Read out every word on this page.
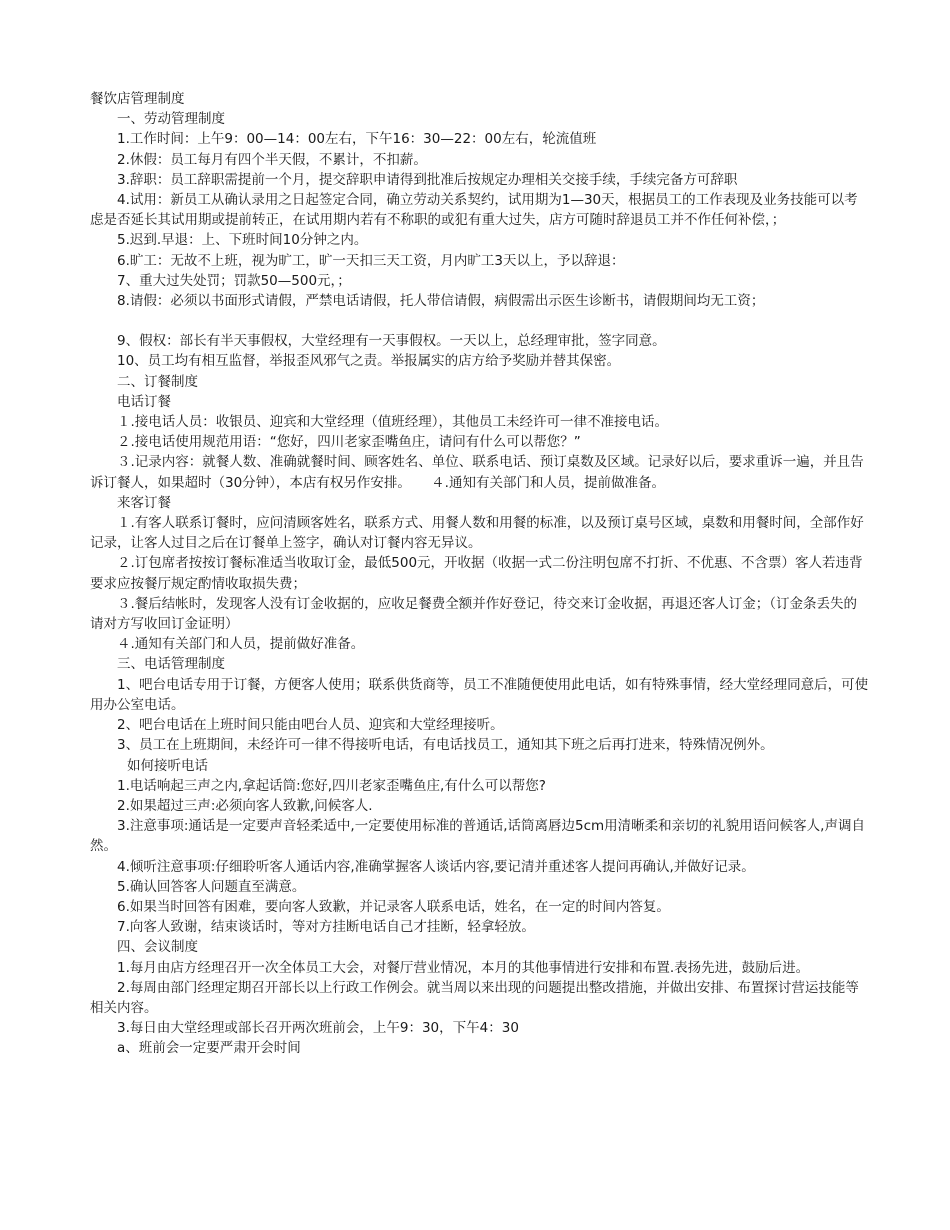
餐饮店管理制度

一、劳动管理制度

1.工作时间：上午9：00—14：00左右，下午16：30—22：00左右，轮流值班

2.休假：员工每月有四个半天假，不累计，不扣薪。

3.辞职：员工辞职需提前一个月，提交辞职申请得到批准后按规定办理相关交接手续，手续完备方可辞职

4.试用：新员工从确认录用之日起签定合同，确立劳动关系契约，试用期为1—30天，根据员工的工作表现及业务技能可以考虑是否延长其试用期或提前转正，在试用期内若有不称职的或犯有重大过失，店方可随时辞退员工并不作任何补偿，；

5.迟到.早退：上、下班时间10分钟之内。

6.旷工：无故不上班，视为旷工，旷一天扣三天工资，月内旷工3天以上，予以辞退：

7、重大过失处罚；罚款50—500元，；

8.请假：必须以书面形式请假，严禁电话请假，托人带信请假，病假需出示医生诊断书，请假期间均无工资；

9、假权：部长有半天事假权，大堂经理有一天事假权。一天以上，总经理审批，签字同意。

10、员工均有相互监督，举报歪风邪气之责。举报属实的店方给予奖励并替其保密。

二、订餐制度

电话订餐

１.接电话人员：收银员、迎宾和大堂经理（值班经理），其他员工未经许可一律不准接电话。

２.接电话使用规范用语：“您好，四川老家歪嘴鱼庄，请问有什么可以帮您？”

３.记录内容：就餐人数、准确就餐时间、顾客姓名、单位、联系电话、预订桌数及区域。记录好以后，要求重诉一遍，并且告诉订餐人，如果超时（30分钟），本店有权另作安排。　　４.通知有关部门和人员，提前做准备。

来客订餐

１.有客人联系订餐时，应问清顾客姓名，联系方式、用餐人数和用餐的标准，以及预订桌号区域，桌数和用餐时间，全部作好记录，让客人过目之后在订餐单上签字，确认对订餐内容无异议。

２.订包席者按按订餐标准适当收取订金，最低500元，开收据（收据一式二份注明包席不打折、不优惠、不含票）客人若违背要求应按餐厅规定酌情收取损失费；

３.餐后结帐时，发现客人没有订金收据的，应收足餐费全额并作好登记，待交来订金收据，再退还客人订金；（订金条丢失的请对方写收回订金证明）

４.通知有关部门和人员，提前做好准备。

三、电话管理制度

1、吧台电话专用于订餐，方便客人使用；联系供货商等，员工不准随便使用此电话，如有特殊事情，经大堂经理同意后，可使用办公室电话。

2、吧台电话在上班时间只能由吧台人员、迎宾和大堂经理接听。

3、员工在上班期间，未经许可一律不得接听电话，有电话找员工，通知其下班之后再打进来，特殊情况例外。

如何接听电话

1.电话响起三声之内,拿起话筒:您好,四川老家歪嘴鱼庄,有什么可以帮您?

2.如果超过三声:必须向客人致歉,问候客人.

3.注意事项:通话是一定要声音轻柔适中,一定要使用标准的普通话,话筒离唇边5cm用清晰柔和亲切的礼貌用语问候客人,声调自然。

4.倾听注意事项:仔细聆听客人通话内容,准确掌握客人谈话内容,要记清并重述客人提问再确认,并做好记录。

5.确认回答客人问题直至满意。

6.如果当时回答有困难，要向客人致歉，并记录客人联系电话，姓名，在一定的时间内答复。

7.向客人致谢，结束谈话时，等对方挂断电话自己才挂断，轻拿轻放。

四、会议制度

1.每月由店方经理召开一次全体员工大会，对餐厅营业情况，本月的其他事情进行安排和布置.表扬先进，鼓励后进。

2.每周由部门经理定期召开部长以上行政工作例会。就当周以来出现的问题提出整改措施，并做出安排、布置探讨营运技能等相关内容。

3.每日由大堂经理或部长召开两次班前会，上午9：30，下午4：30

a、班前会一定要严肃开会时间
